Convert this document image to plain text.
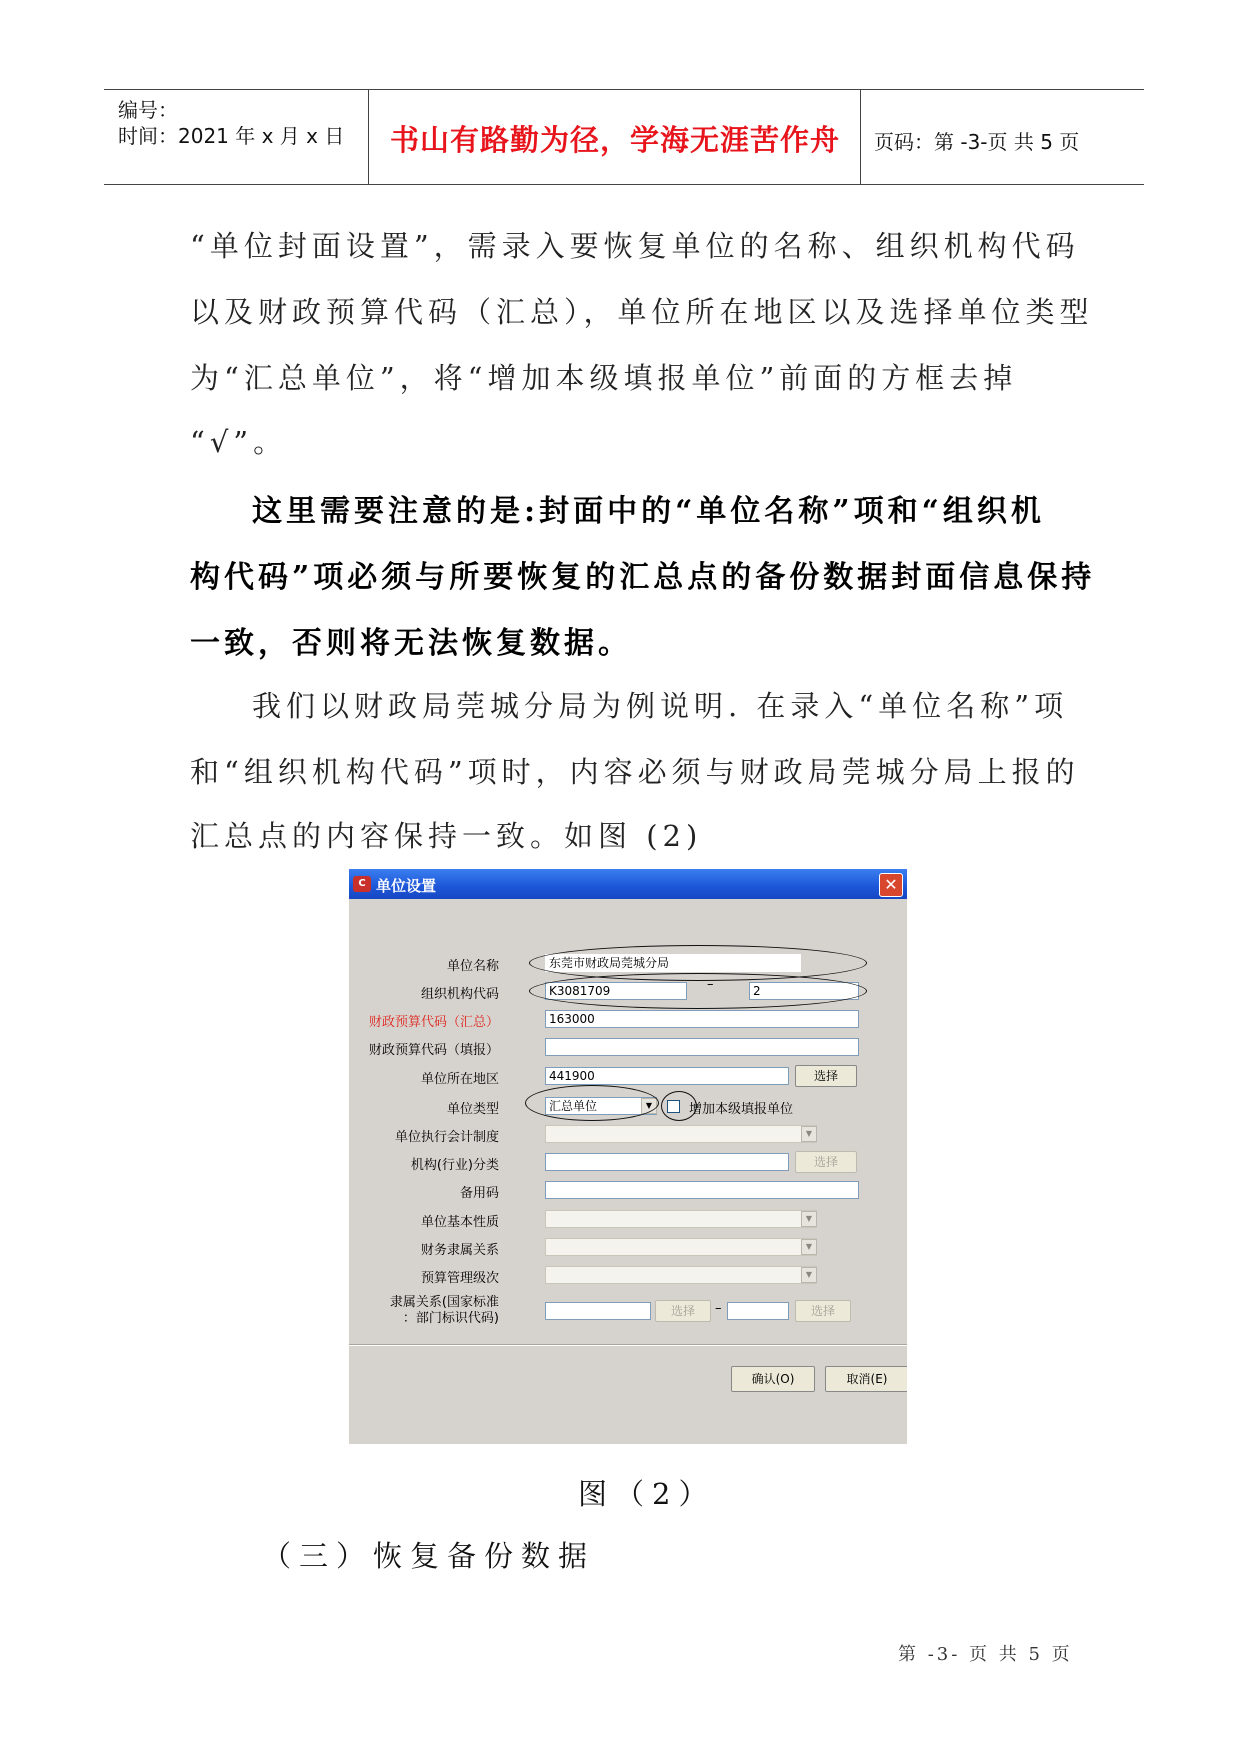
编号：
时间：2021 年 x 月 x 日	书山有路勤为径，学海无涯苦作舟	页码：第 -3-页 共 5 页
“单位封面设置”，需录入要恢复单位的名称、组织机构代码
以及财政预算代码（汇总），单位所在地区以及选择单位类型
为“汇总单位”，将“增加本级填报单位”前面的方框去掉
“√”。
这里需要注意的是:封面中的“单位名称”项和“组织机
构代码”项必须与所要恢复的汇总点的备份数据封面信息保持
一致，否则将无法恢复数据。
我们以财政局莞城分局为例说明. 在录入“单位名称”项
和“组织机构代码”项时，内容必须与财政局莞城分局上报的
汇总点的内容保持一致。如图 (2)
C 单位设置	✕
单位名称	东莞市财政局莞城分局
组织机构代码	K3081709	–	2
财政预算代码（汇总）	163000
财政预算代码（填报）
单位所在地区	441900	选择
单位类型	汇总单位	▼	增加本级填报单位
单位执行会计制度	▼
机构(行业)分类	选择
备用码
单位基本性质	▼
财务隶属关系	▼
预算管理级次	▼
隶属关系(国家标准
：部门标识代码)	选择	–	选择
确认(O)	取消(E)
图（2）
（三）恢复备份数据
第 -3- 页 共 5 页
